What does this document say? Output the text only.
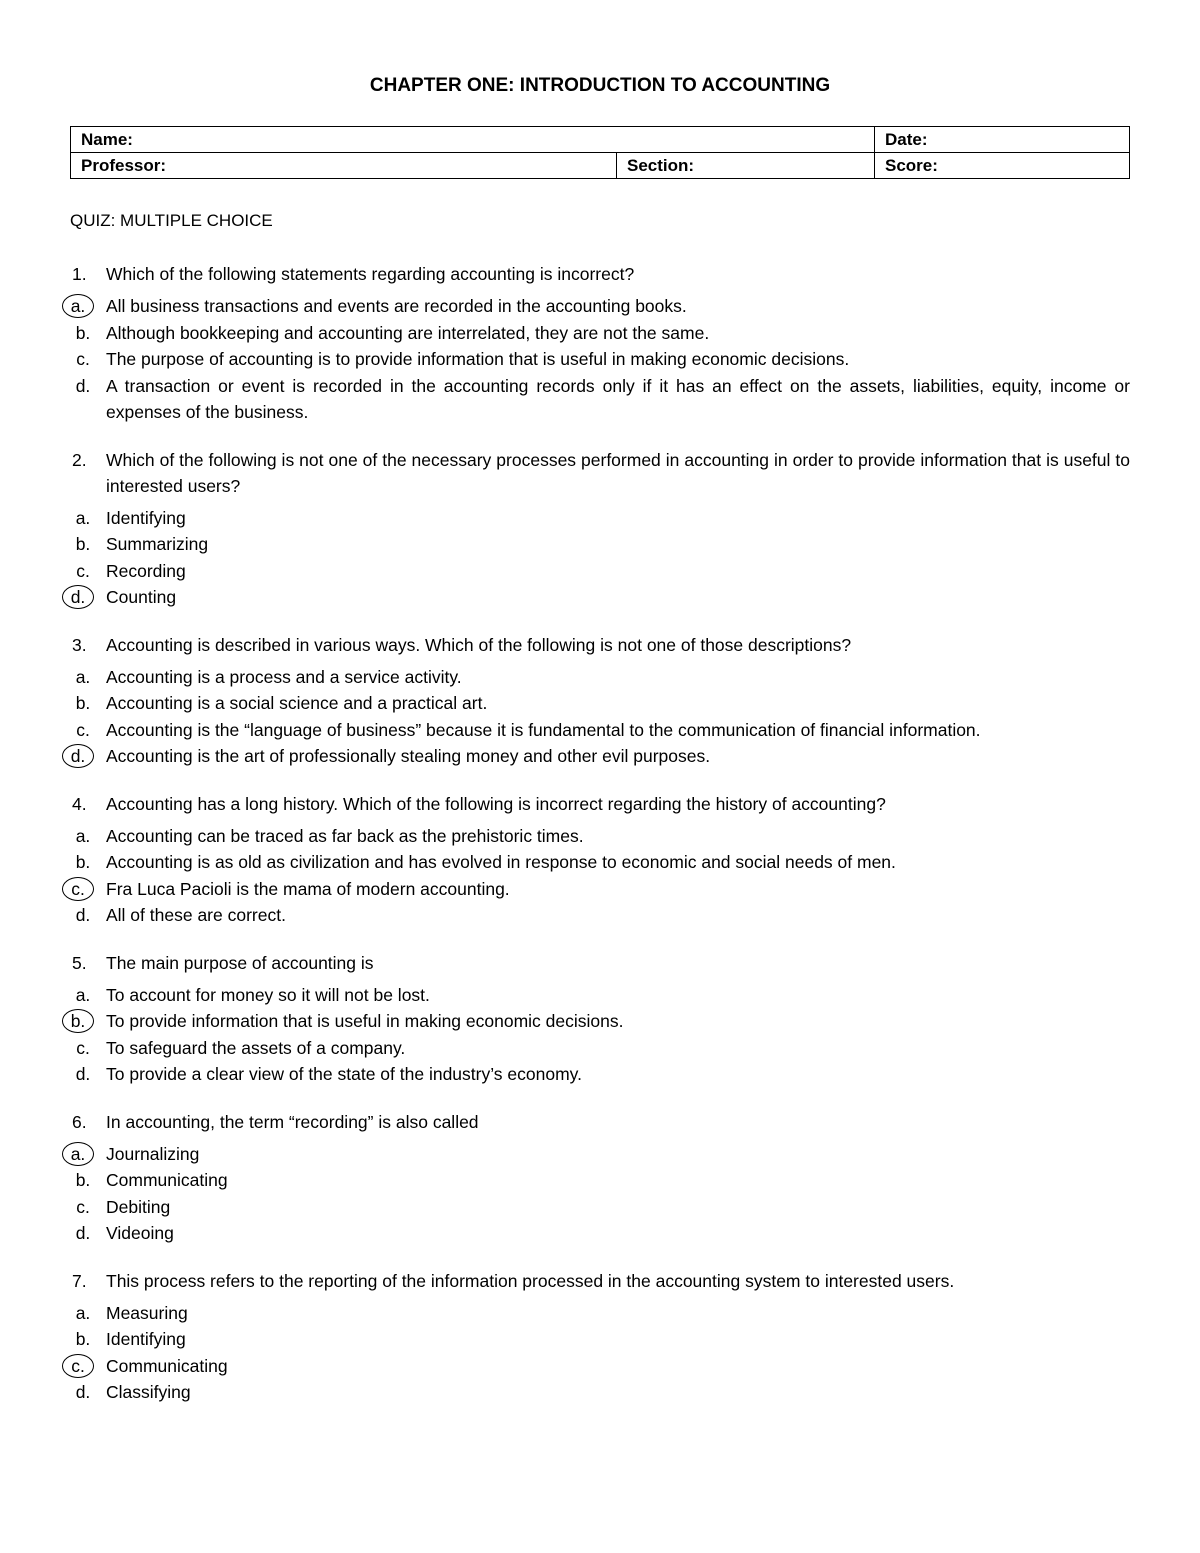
CHAPTER ONE: INTRODUCTION TO ACCOUNTING
Name:		Date:
Professor:	Section:	Score:
QUIZ: MULTIPLE CHOICE
1. Which of the following statements regarding accounting is incorrect?
a.	All business transactions and events are recorded in the accounting books.
b. Although bookkeeping and accounting are interrelated, they are not the same.
c. The purpose of accounting is to provide information that is useful in making economic decisions.
d. A transaction or event is recorded in the accounting records only if it has an effect on the assets, liabilities, equity, income or expenses of the business.
2. Which of the following is not one of the necessary processes performed in accounting in order to provide information that is useful to interested users?
a. Identifying
b. Summarizing
c. Recording
d.	Counting
3. Accounting is described in various ways. Which of the following is not one of those descriptions?
a. Accounting is a process and a service activity.
b. Accounting is a social science and a practical art.
c. Accounting is the “language of business” because it is fundamental to the communication of financial information.
d.	Accounting is the art of professionally stealing money and other evil purposes.
4. Accounting has a long history. Which of the following is incorrect regarding the history of accounting?
a. Accounting can be traced as far back as the prehistoric times.
b. Accounting is as old as civilization and has evolved in response to economic and social needs of men.
c.	Fra Luca Pacioli is the mama of modern accounting.
d. All of these are correct.
5. The main purpose of accounting is
a. To account for money so it will not be lost.
b.	To provide information that is useful in making economic decisions.
c. To safeguard the assets of a company.
d. To provide a clear view of the state of the industry’s economy.
6. In accounting, the term “recording” is also called
a.	Journalizing
b. Communicating
c. Debiting
d. Videoing
7. This process refers to the reporting of the information processed in the accounting system to interested users.
a. Measuring
b. Identifying
c.	Communicating
d. Classifying
